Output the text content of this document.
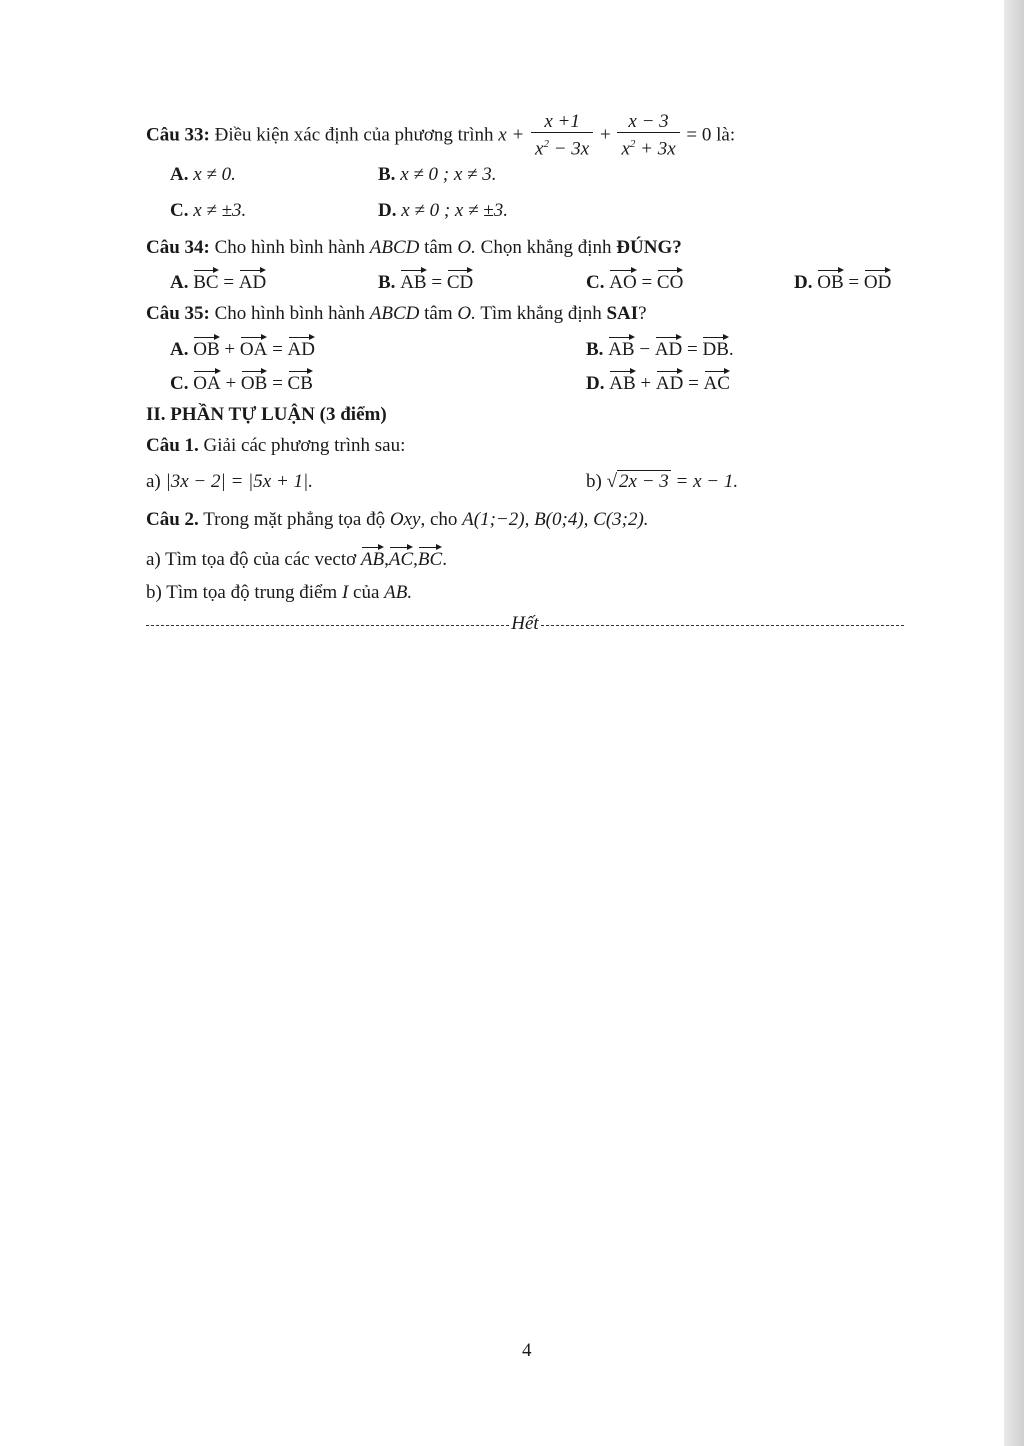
Câu 33: Điều kiện xác định của phương trình $x + \frac{x +1}{x^2 - 3x} + \frac{x - 3}{x^2 + 3x} = 0$ là:
A. x ≠ 0.	B. x ≠ 0 ; x ≠ 3.
C. x ≠ ±3.	D. x ≠ 0 ; x ≠ ±3.
Câu 34: Cho hình bình hành ABCD tâm O. Chọn khẳng định ĐÚNG?
A. BC = AD	B. AB = CD	C. AO = CO	D. OB = OD
Câu 35: Cho hình bình hành ABCD tâm O. Tìm khẳng định SAI?
A. OB + OA = AD	B. AB − AD = DB.
C. OA + OB = CB	D. AB + AD = AC
II. PHẦN TỰ LUẬN (3 điểm)
Câu 1. Giải các phương trình sau:
a) |3x − 2| = |5x + 1|.	b) √ 2x − 3 = x − 1.
Câu 2. Trong mặt phẳng tọa độ Oxy, cho A(1;−2), B(0;4), C(3;2).
a) Tìm tọa độ của các vectơ AB,AC,BC.
b) Tìm tọa độ trung điểm I của AB.
Hết
4
